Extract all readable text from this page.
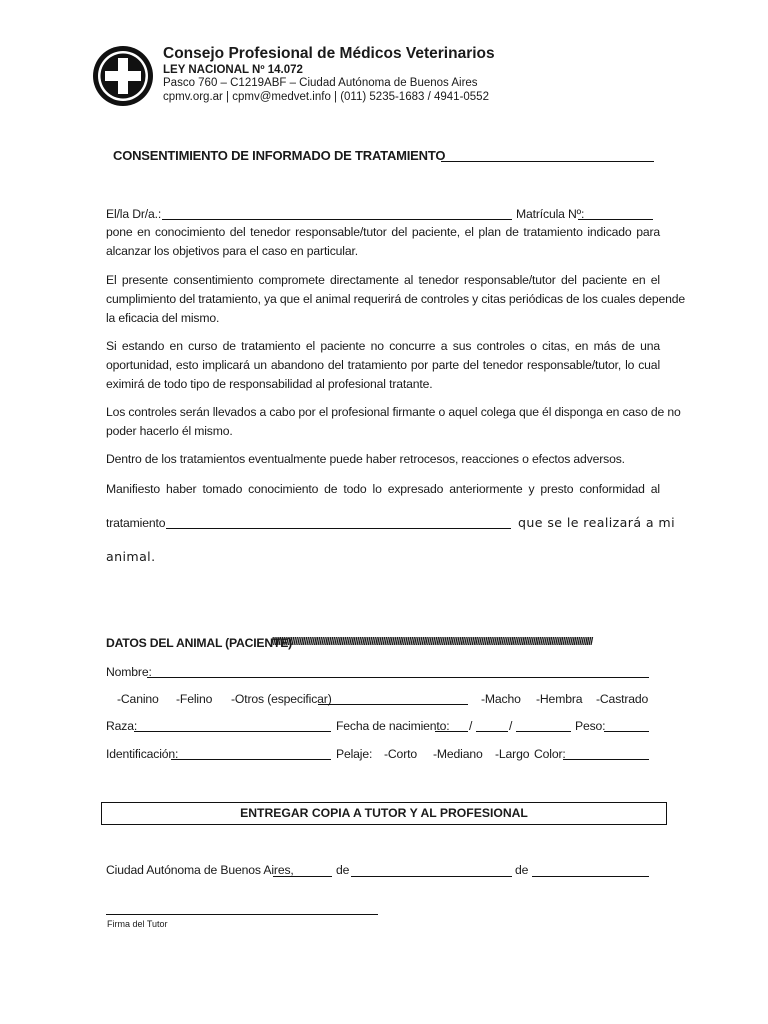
Consejo Profesional de Médicos Veterinarios
LEY NACIONAL Nº 14.072
Pasco 760 – C1219ABF – Ciudad Autónoma de Buenos Aires
cpmv.org.ar | cpmv@medvet.info | (011) 5235-1683 / 4941-0552
CONSENTIMIENTO DE INFORMADO DE TRATAMIENTO
El/la Dr/a.:	Matrícula Nº:
pone en conocimiento del tenedor responsable/tutor del paciente, el plan de tratamiento indicado para
alcanzar los objetivos para el caso en particular.
El presente consentimiento compromete directamente al tenedor responsable/tutor del paciente en el
cumplimiento del tratamiento, ya que el animal requerirá de controles y citas periódicas de los cuales depende
la eficacia del mismo.
Si estando en curso de tratamiento el paciente no concurre a sus controles o citas, en más de una
oportunidad, esto implicará un abandono del tratamiento por parte del tenedor responsable/tutor, lo cual
eximirá de todo tipo de responsabilidad al profesional tratante.
Los controles serán llevados a cabo por el profesional firmante o aquel colega que él disponga en caso de no
poder hacerlo él mismo.
Dentro de los tratamientos eventualmente puede haber retrocesos, reacciones o efectos adversos.
Manifiesto haber tomado conocimiento de todo lo expresado anteriormente y presto conformidad al
tratamiento	que se le realizará a mi
animal.
DATOS DEL ANIMAL (PACIENTE)
/////////////////////////////////////////////////////////////////////////////////////////////////////////////////////////////////////////////////////////////////////////////
Nombre:
-Canino -Felino -Otros (especificar)	-Macho -Hembra -Castrado
Raza:	Fecha de nacimiento: /	/	Peso:
Identificación:	Pelaje: -Corto -Mediano -Largo Color:
ENTREGAR COPIA A TUTOR Y AL PROFESIONAL
Ciudad Autónoma de Buenos Aires,	de	de
Firma del Tutor
